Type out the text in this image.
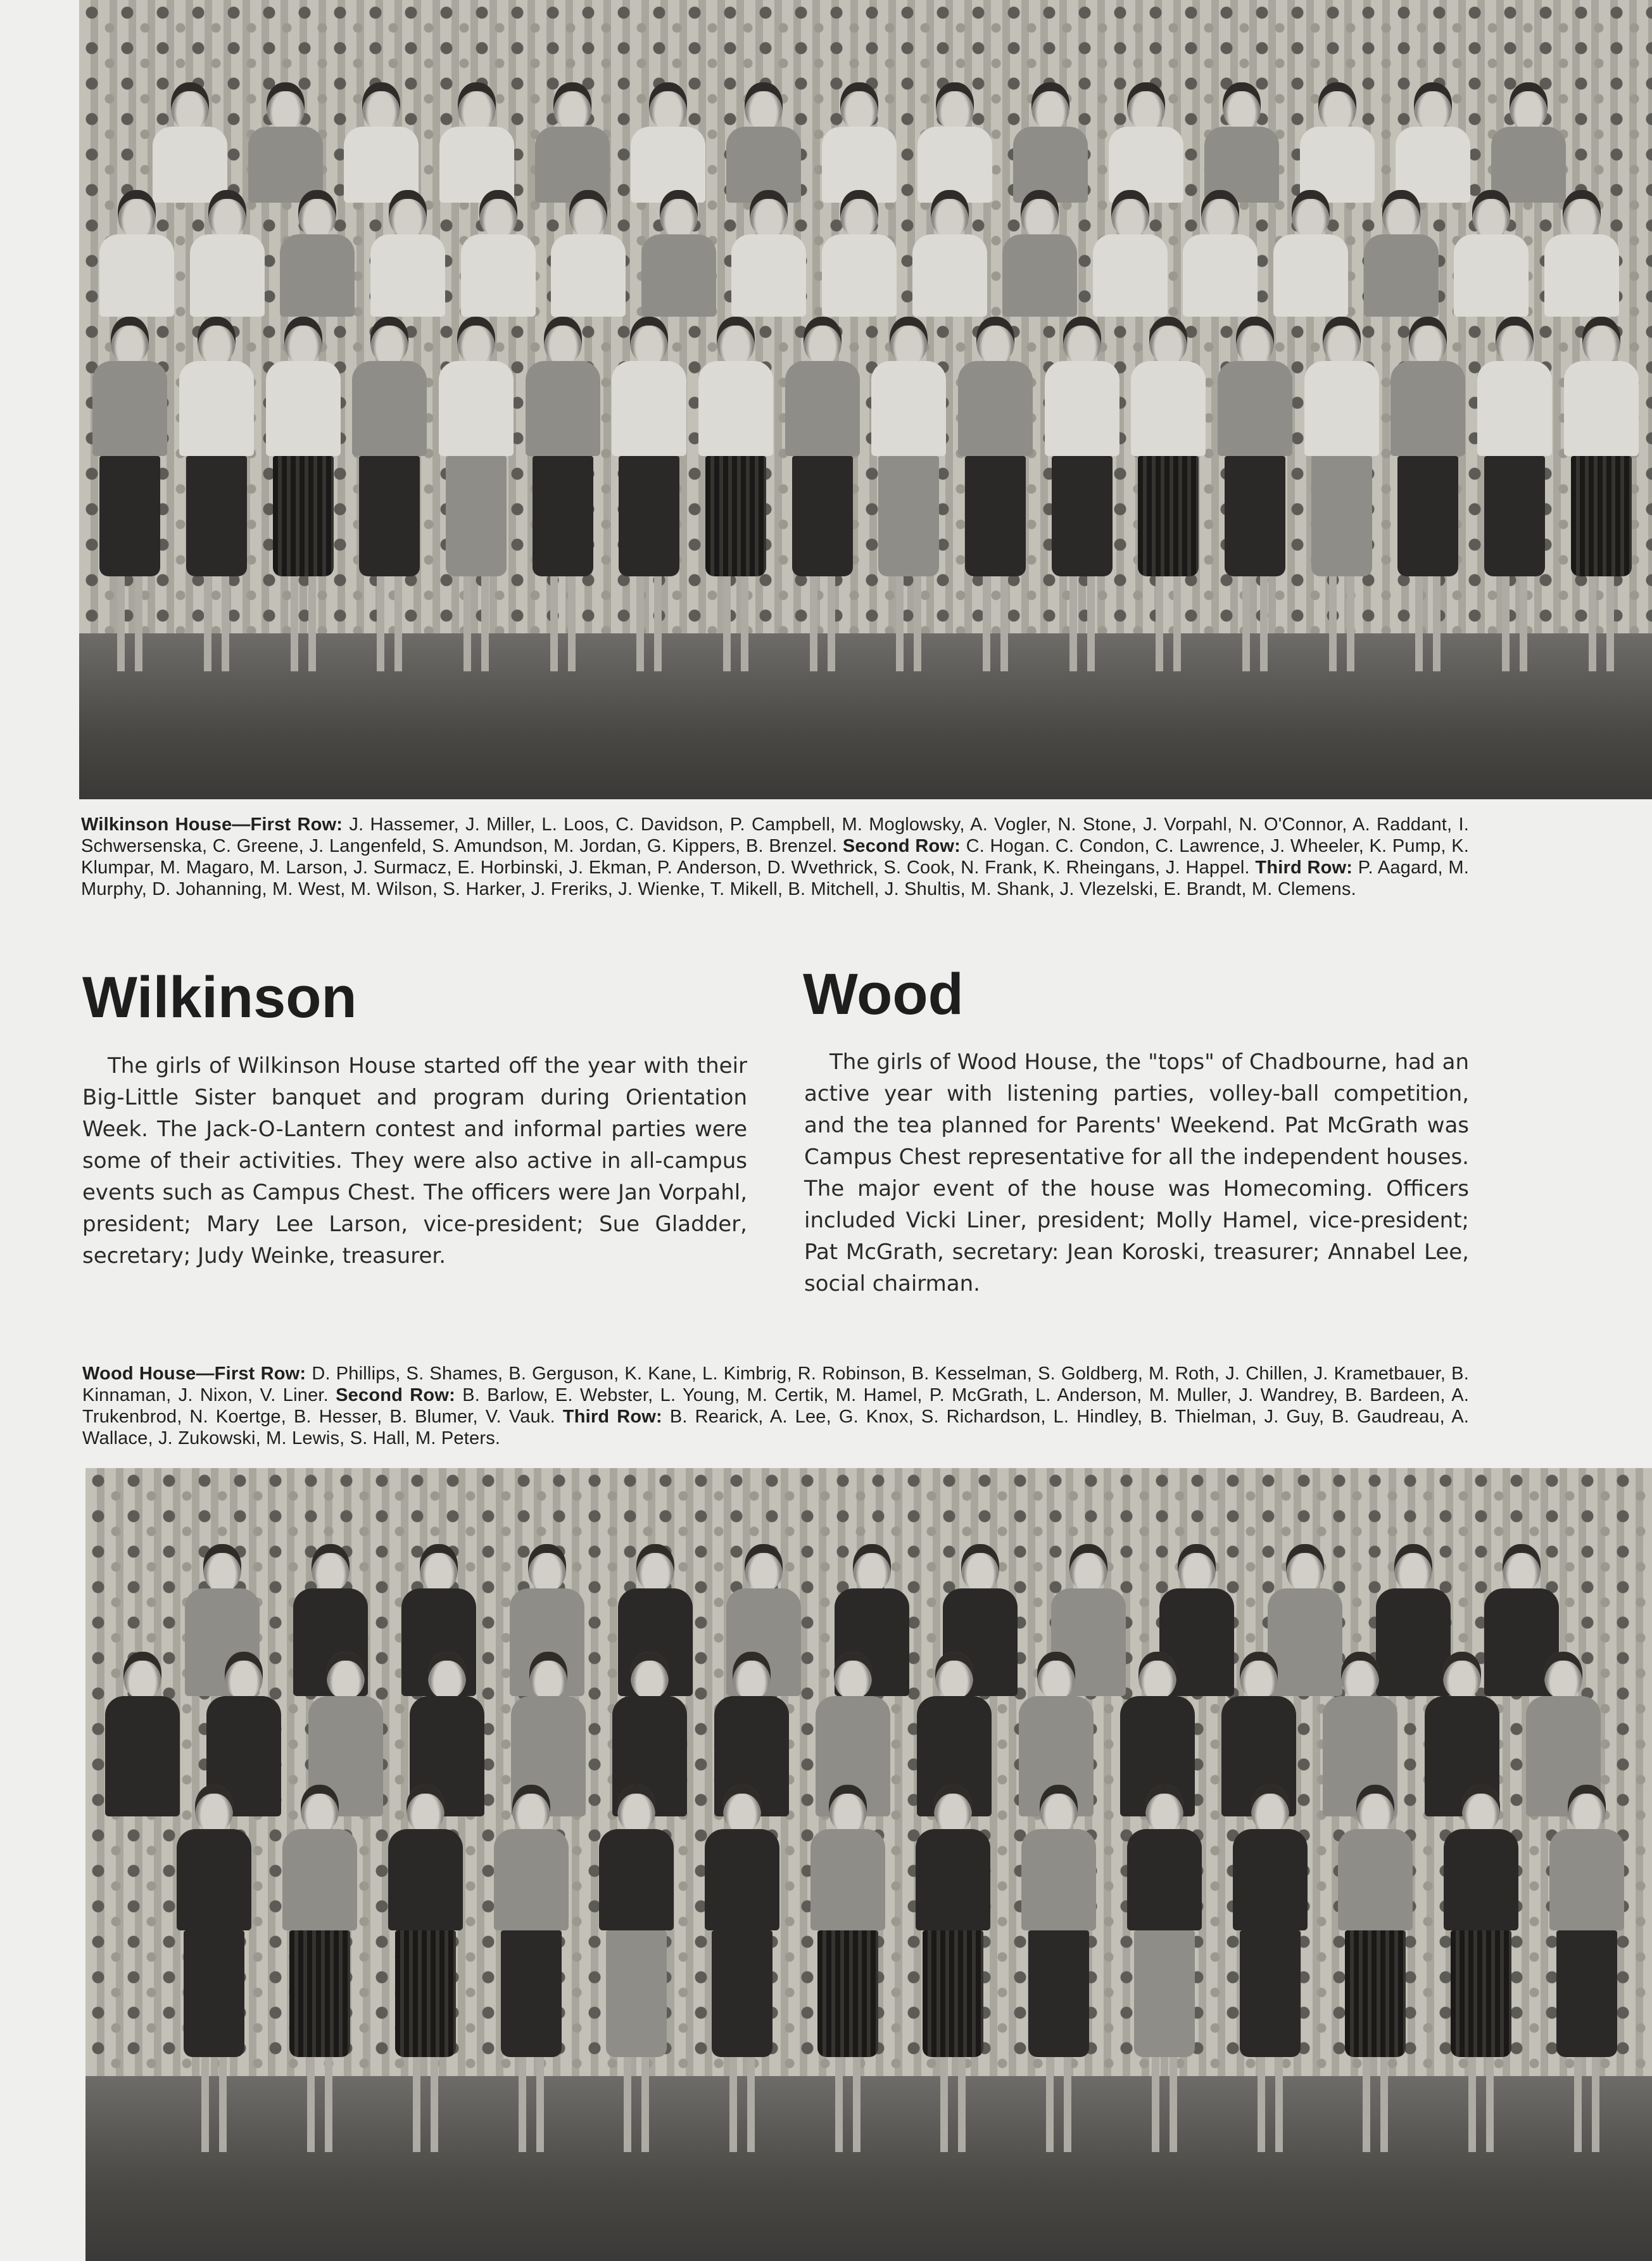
Wilkinson House—First Row: J. Hassemer, J. Miller, L. Loos, C. Davidson, P. Campbell, M. Moglowsky, A. Vogler, N. Stone, J. Vorpahl, N. O'Connor, A. Raddant, I. Schwersenska, C. Greene, J. Langenfeld, S. Amundson, M. Jordan, G. Kippers, B. Brenzel. Second Row: C. Hogan. C. Condon, C. Lawrence, J. Wheeler, K. Pump, K. Klumpar, M. Magaro, M. Larson, J. Surmacz, E. Horbinski, J. Ekman, P. Anderson, D. Wvethrick, S. Cook, N. Frank, K. Rheingans, J. Happel. Third Row: P. Aagard, M. Murphy, D. Johanning, M. West, M. Wilson, S. Harker, J. Freriks, J. Wienke, T. Mikell, B. Mitchell, J. Shultis, M. Shank, J. Vlezelski, E. Brandt, M. Clemens.

Wilkinson	Wood

The girls of Wilkinson House started off the year with their Big-Little Sister banquet and program during Orientation Week. The Jack-O-Lantern contest and informal parties were some of their activities. They were also active in all-campus events such as Campus Chest. The officers were Jan Vorpahl, president; Mary Lee Larson, vice-president; Sue Gladder, secretary; Judy Weinke, treasurer.

The girls of Wood House, the "tops" of Chadbourne, had an active year with listening parties, volley-ball competition, and the tea planned for Parents' Weekend. Pat McGrath was Campus Chest representative for all the independent houses. The major event of the house was Homecoming. Officers included Vicki Liner, president; Molly Hamel, vice-president; Pat McGrath, secretary: Jean Koroski, treasurer; Annabel Lee, social chairman.

Wood House—First Row: D. Phillips, S. Shames, B. Gerguson, K. Kane, L. Kimbrig, R. Robinson, B. Kesselman, S. Goldberg, M. Roth, J. Chillen, J. Krametbauer, B. Kinnaman, J. Nixon, V. Liner. Second Row: B. Barlow, E. Webster, L. Young, M. Certik, M. Hamel, P. McGrath, L. Anderson, M. Muller, J. Wandrey, B. Bardeen, A. Trukenbrod, N. Koertge, B. Hesser, B. Blumer, V. Vauk. Third Row: B. Rearick, A. Lee, G. Knox, S. Richardson, L. Hindley, B. Thielman, J. Guy, B. Gaudreau, A. Wallace, J. Zukowski, M. Lewis, S. Hall, M. Peters.
